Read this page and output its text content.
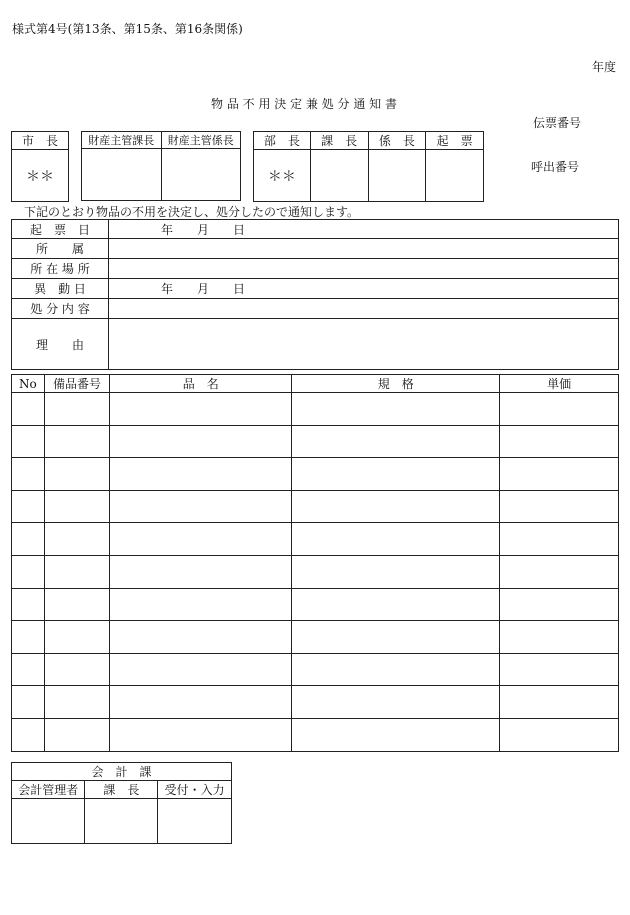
様式第4号(第13条、第15条、第16条関係)
年度
物 品 不 用 決 定 兼 処 分 通 知 書
伝票番号
呼出番号
市　長
＊＊
財産主管課長	財産主管係長
		部　長	課　長	係　長	起　票
＊＊			
下記のとおり物品の不用を決定し、処分したので通知します。
起　票　日	年　　月　　日
所　　属	
所 在 場 所	
異　動 日	年　　月　　日
処 分 内 容	
理　　由	
No	備品番号	品　名	規　格	単価

会　計　課		
会計管理者	課　長	受付・入力
